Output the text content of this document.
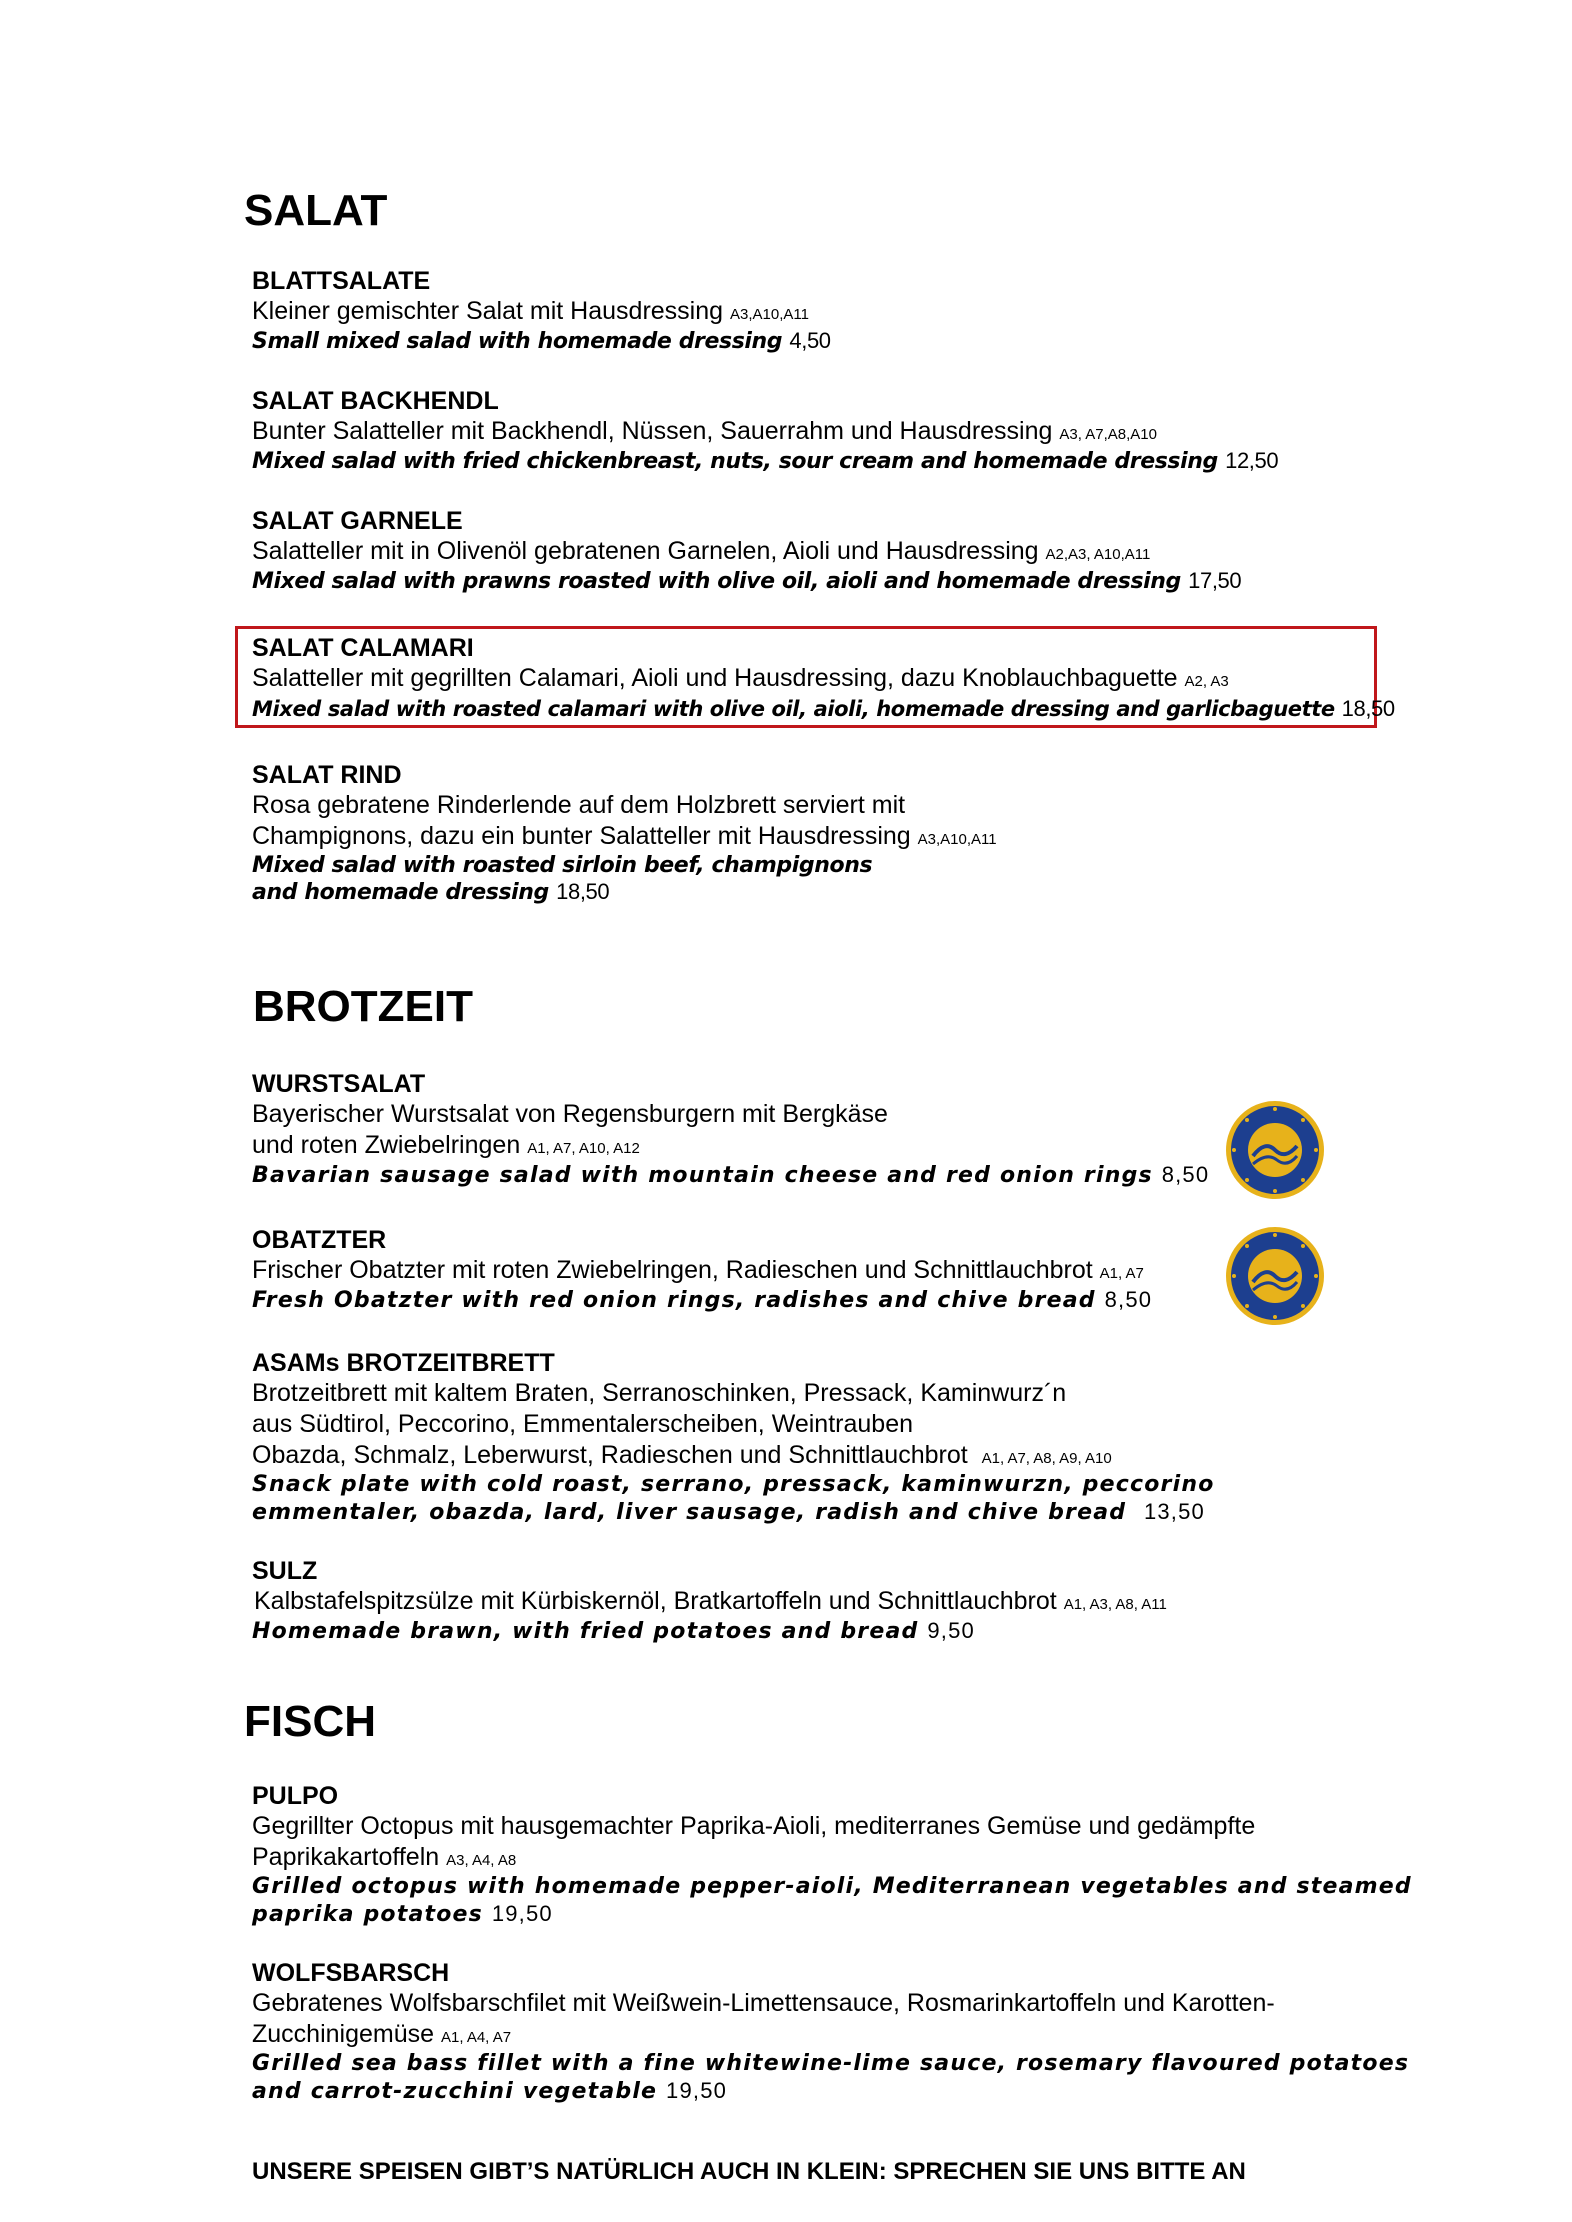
SALAT
BLATTSALATE
Kleiner gemischter Salat mit Hausdressing A3,A10,A11
Small mixed salad with homemade dressing 4,50
SALAT BACKHENDL
Bunter Salatteller mit Backhendl, Nüssen, Sauerrahm und Hausdressing A3, A7,A8,A10
Mixed salad with fried chickenbreast, nuts, sour cream and homemade dressing 12,50
SALAT GARNELE
Salatteller mit in Olivenöl gebratenen Garnelen, Aioli und Hausdressing A2,A3, A10,A11
Mixed salad with prawns roasted with olive oil, aioli and homemade dressing 17,50
SALAT CALAMARI
Salatteller mit gegrillten Calamari, Aioli und Hausdressing, dazu Knoblauchbaguette A2, A3
Mixed salad with roasted calamari with olive oil, aioli, homemade dressing and garlicbaguette 18,50
SALAT RIND
Rosa gebratene Rinderlende auf dem Holzbrett serviert mit
Champignons, dazu ein bunter Salatteller mit Hausdressing A3,A10,A11
Mixed salad with roasted sirloin beef, champignons
and homemade dressing 18,50
BROTZEIT
WURSTSALAT
Bayerischer Wurstsalat von Regensburgern mit Bergkäse
und roten Zwiebelringen A1, A7, A10, A12
Bavarian sausage salad with mountain cheese and red onion rings 8,50
OBATZTER
Frischer Obatzter mit roten Zwiebelringen, Radieschen und Schnittlauchbrot A1, A7
Fresh Obatzter with red onion rings, radishes and chive bread 8,50
ASAMs BROTZEITBRETT
Brotzeitbrett mit kaltem Braten, Serranoschinken, Pressack, Kaminwurz´n
aus Südtirol, Peccorino, Emmentalerscheiben, Weintrauben
Obazda, Schmalz, Leberwurst, Radieschen und Schnittlauchbrot A1, A7, A8, A9, A10
Snack plate with cold roast, serrano, pressack, kaminwurzn, peccorino
emmentaler, obazda, lard, liver sausage, radish and chive bread 13,50
SULZ
Kalbstafelspitzsülze mit Kürbiskernöl, Bratkartoffeln und Schnittlauchbrot A1, A3, A8, A11
Homemade brawn, with fried potatoes and bread 9,50
FISCH
PULPO
Gegrillter Octopus mit hausgemachter Paprika-Aioli, mediterranes Gemüse und gedämpfte
Paprikakartoffeln A3, A4, A8
Grilled octopus with homemade pepper-aioli, Mediterranean vegetables and steamed
paprika potatoes 19,50
WOLFSBARSCH
Gebratenes Wolfsbarschfilet mit Weißwein-Limettensauce, Rosmarinkartoffeln und Karotten-
Zucchinigemüse A1, A4, A7
Grilled sea bass fillet with a fine whitewine-lime sauce, rosemary flavoured potatoes
and carrot-zucchini vegetable 19,50
UNSERE SPEISEN GIBT’S NATÜRLICH AUCH IN KLEIN: SPRECHEN SIE UNS BITTE AN
